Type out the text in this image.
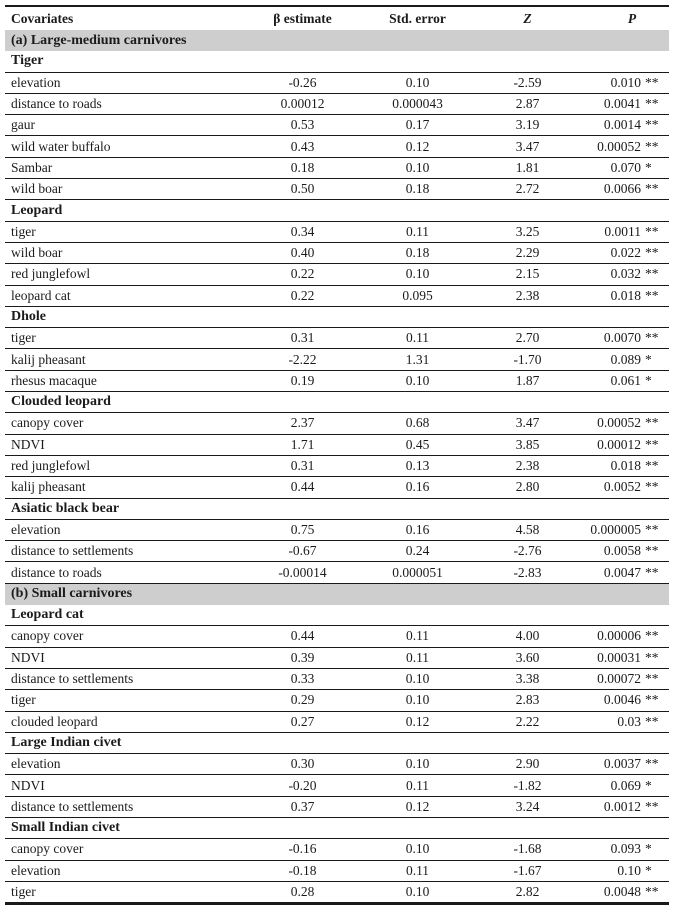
Covariates	β estimate	Std. error	Z	P
(a) Large-medium carnivores
Tiger
elevation	-0.26	0.10	-2.59	0.010 **
distance to roads	0.00012	0.000043	2.87	0.0041 **
gaur	0.53	0.17	3.19	0.0014 **
wild water buffalo	0.43	0.12	3.47	0.00052 **
Sambar	0.18	0.10	1.81	0.070 *
wild boar	0.50	0.18	2.72	0.0066 **
Leopard
tiger	0.34	0.11	3.25	0.0011 **
wild boar	0.40	0.18	2.29	0.022 **
red junglefowl	0.22	0.10	2.15	0.032 **
leopard cat	0.22	0.095	2.38	0.018 **
Dhole
tiger	0.31	0.11	2.70	0.0070 **
kalij pheasant	-2.22	1.31	-1.70	0.089 *
rhesus macaque	0.19	0.10	1.87	0.061 *
Clouded leopard
canopy cover	2.37	0.68	3.47	0.00052 **
NDVI	1.71	0.45	3.85	0.00012 **
red junglefowl	0.31	0.13	2.38	0.018 **
kalij pheasant	0.44	0.16	2.80	0.0052 **
Asiatic black bear
elevation	0.75	0.16	4.58	0.000005 **
distance to settlements	-0.67	0.24	-2.76	0.0058 **
distance to roads	-0.00014	0.000051	-2.83	0.0047 **
(b) Small carnivores
Leopard cat
canopy cover	0.44	0.11	4.00	0.00006 **
NDVI	0.39	0.11	3.60	0.00031 **
distance to settlements	0.33	0.10	3.38	0.00072 **
tiger	0.29	0.10	2.83	0.0046 **
clouded leopard	0.27	0.12	2.22	0.03 **
Large Indian civet
elevation	0.30	0.10	2.90	0.0037 **
NDVI	-0.20	0.11	-1.82	0.069 *
distance to settlements	0.37	0.12	3.24	0.0012 **
Small Indian civet
canopy cover	-0.16	0.10	-1.68	0.093 *
elevation	-0.18	0.11	-1.67	0.10 *
tiger	0.28	0.10	2.82	0.0048 **
